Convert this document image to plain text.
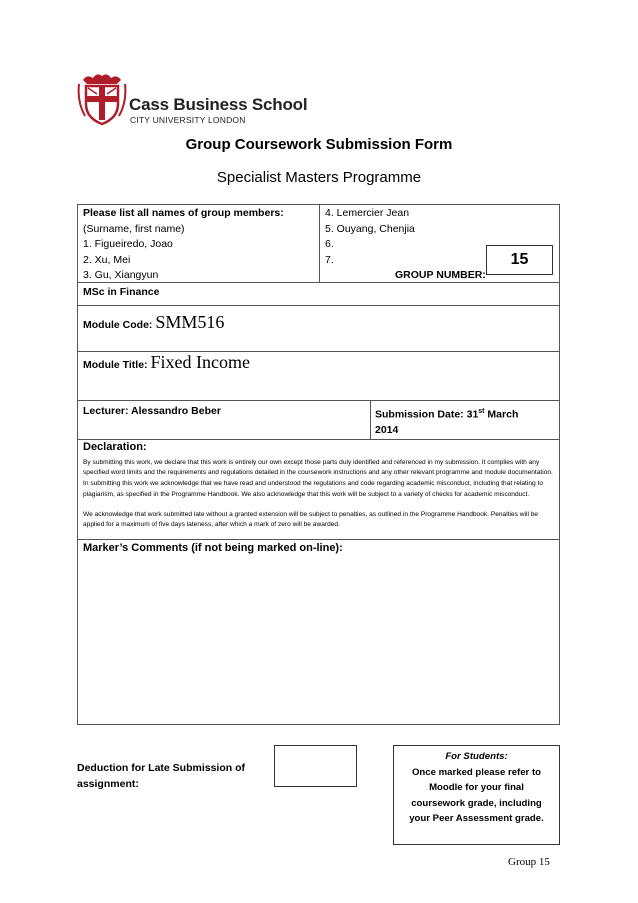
Cass Business School
CITY UNIVERSITY LONDON
Group Coursework Submission Form
Specialist Masters Programme
Please list all names of group members:
(Surname, first name)
1. Figueiredo, Joao
2. Xu, Mei
3. Gu, Xiangyun
4. Lemercier Jean
5. Ouyang, Chenjia
6.
7.
GROUP NUMBER:
MSc in Finance
Module Code: SMM516
Module Title: Fixed Income
Lecturer: Alessandro Beber	Submission Date: 31st March
2014
Declaration:
By submitting this work, we declare that this work is entirely our own except those parts duly identified and referenced in my submission. It complies with any specified word limits and the requirements and regulations detailed in the coursework instructions and any other relevant programme and module documentation. In submitting this work we acknowledge that we have read and understood the regulations and code regarding academic misconduct, including that relating to plagiarism, as specified in the Programme Handbook. We also acknowledge that this work will be subject to a variety of checks for academic misconduct.
We acknowledge that work submitted late without a granted extension will be subject to penalties, as outlined in the Programme Handbook. Penalties will be applied for a maximum of five days lateness, after which a mark of zero will be awarded.
Marker’s Comments (if not being marked on-line):
15
Deduction for Late Submission of assignment:
For Students:
Once marked please refer to Moodle for your final coursework grade, including your Peer Assessment grade.
Group 15
